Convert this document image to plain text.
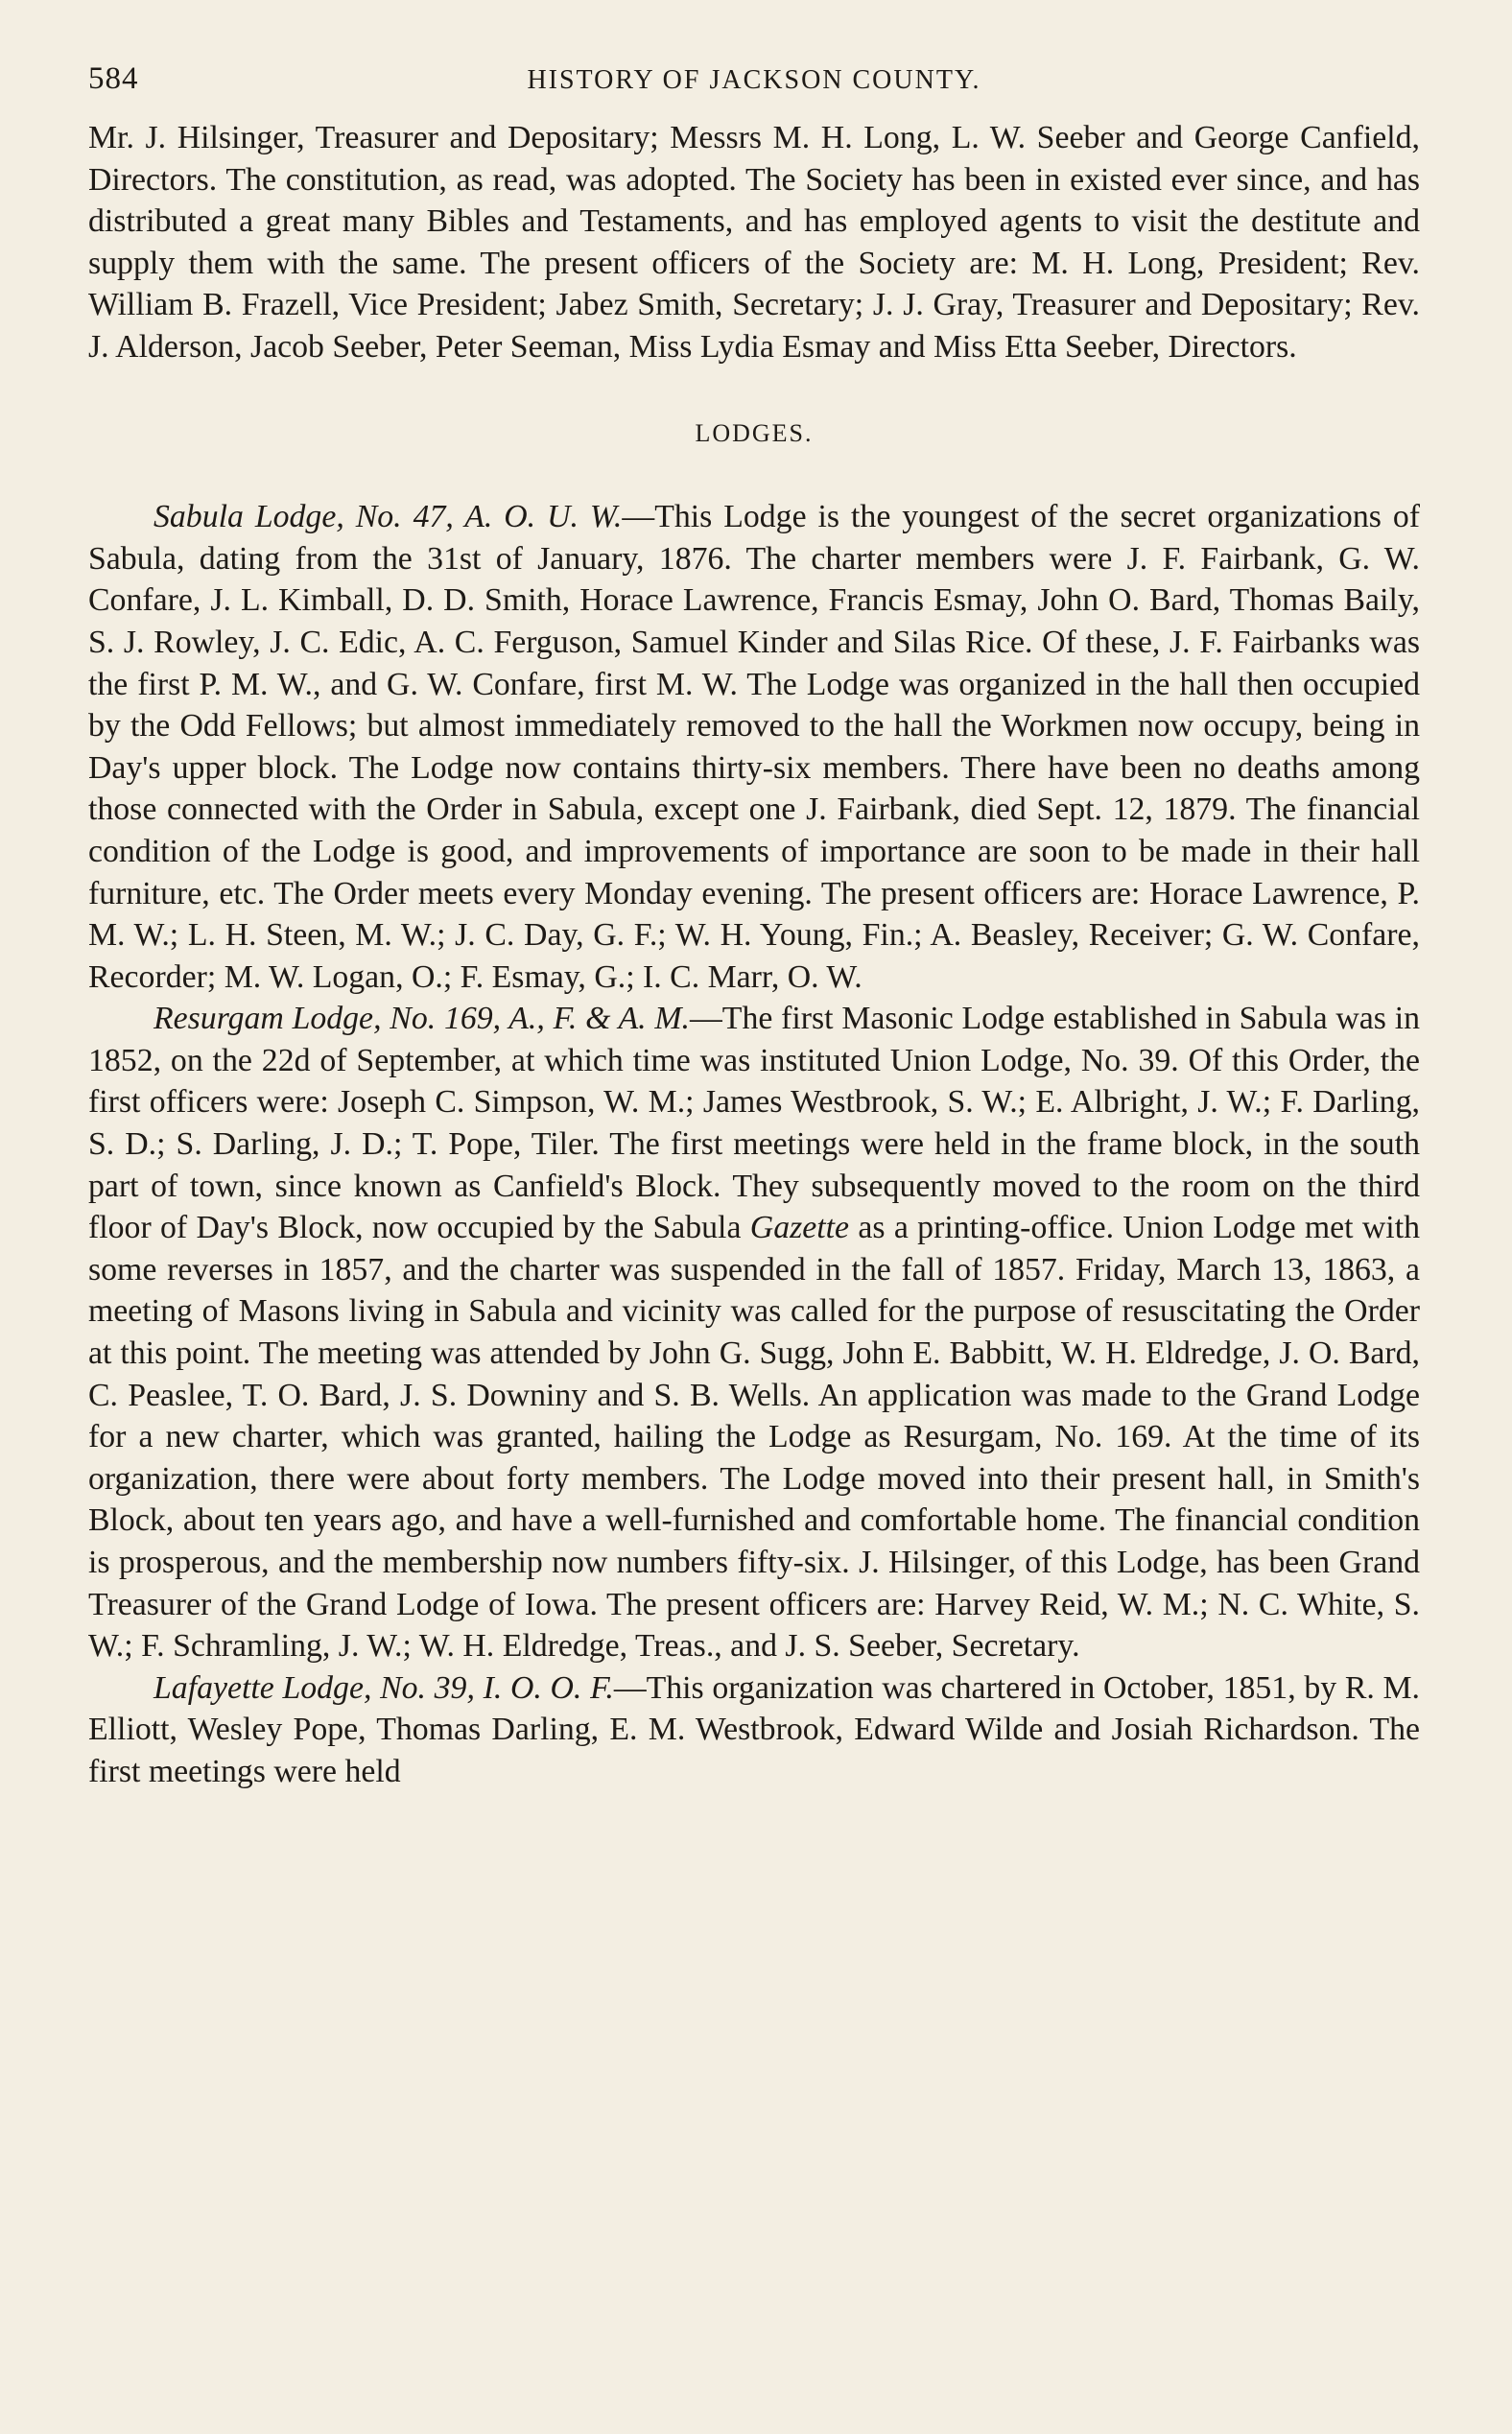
584	HISTORY OF JACKSON COUNTY.

Mr. J. Hilsinger, Treasurer and Depositary; Messrs M. H. Long, L. W. Seeber and George Canfield, Directors. The constitution, as read, was adopted. The Society has been in existed ever since, and has distributed a great many Bibles and Testaments, and has employed agents to visit the destitute and supply them with the same. The present officers of the Society are: M. H. Long, President; Rev. William B. Frazell, Vice President; Jabez Smith, Secretary; J. J. Gray, Treasurer and Depositary; Rev. J. Alderson, Jacob Seeber, Peter Seeman, Miss Lydia Esmay and Miss Etta Seeber, Directors.

LODGES.

Sabula Lodge, No. 47, A. O. U. W.—This Lodge is the youngest of the secret organizations of Sabula, dating from the 31st of January, 1876. The charter members were J. F. Fairbank, G. W. Confare, J. L. Kimball, D. D. Smith, Horace Lawrence, Francis Esmay, John O. Bard, Thomas Baily, S. J. Rowley, J. C. Edic, A. C. Ferguson, Samuel Kinder and Silas Rice. Of these, J. F. Fairbanks was the first P. M. W., and G. W. Confare, first M. W. The Lodge was organized in the hall then occupied by the Odd Fellows; but almost immediately removed to the hall the Workmen now occupy, being in Day's upper block. The Lodge now contains thirty-six members. There have been no deaths among those connected with the Order in Sabula, except one J. Fairbank, died Sept. 12, 1879. The financial condition of the Lodge is good, and improvements of importance are soon to be made in their hall furniture, etc. The Order meets every Monday evening. The present officers are: Horace Lawrence, P. M. W.; L. H. Steen, M. W.; J. C. Day, G. F.; W. H. Young, Fin.; A. Beasley, Receiver; G. W. Confare, Recorder; M. W. Logan, O.; F. Esmay, G.; I. C. Marr, O. W.

Resurgam Lodge, No. 169, A., F. & A. M.—The first Masonic Lodge established in Sabula was in 1852, on the 22d of September, at which time was instituted Union Lodge, No. 39. Of this Order, the first officers were: Joseph C. Simpson, W. M.; James Westbrook, S. W.; E. Albright, J. W.; F. Darling, S. D.; S. Darling, J. D.; T. Pope, Tiler. The first meetings were held in the frame block, in the south part of town, since known as Canfield's Block. They subsequently moved to the room on the third floor of Day's Block, now occupied by the Sabula Gazette as a printing-office. Union Lodge met with some reverses in 1857, and the charter was suspended in the fall of 1857. Friday, March 13, 1863, a meeting of Masons living in Sabula and vicinity was called for the purpose of resuscitating the Order at this point. The meeting was attended by John G. Sugg, John E. Babbitt, W. H. Eldredge, J. O. Bard, C. Peaslee, T. O. Bard, J. S. Downiny and S. B. Wells. An application was made to the Grand Lodge for a new charter, which was granted, hailing the Lodge as Resurgam, No. 169. At the time of its organization, there were about forty members. The Lodge moved into their present hall, in Smith's Block, about ten years ago, and have a well-furnished and comfortable home. The financial condition is prosperous, and the membership now numbers fifty-six. J. Hilsinger, of this Lodge, has been Grand Treasurer of the Grand Lodge of Iowa. The present officers are: Harvey Reid, W. M.; N. C. White, S. W.; F. Schramling, J. W.; W. H. Eldredge, Treas., and J. S. Seeber, Secretary.

Lafayette Lodge, No. 39, I. O. O. F.—This organization was chartered in October, 1851, by R. M. Elliott, Wesley Pope, Thomas Darling, E. M. Westbrook, Edward Wilde and Josiah Richardson. The first meetings were held
